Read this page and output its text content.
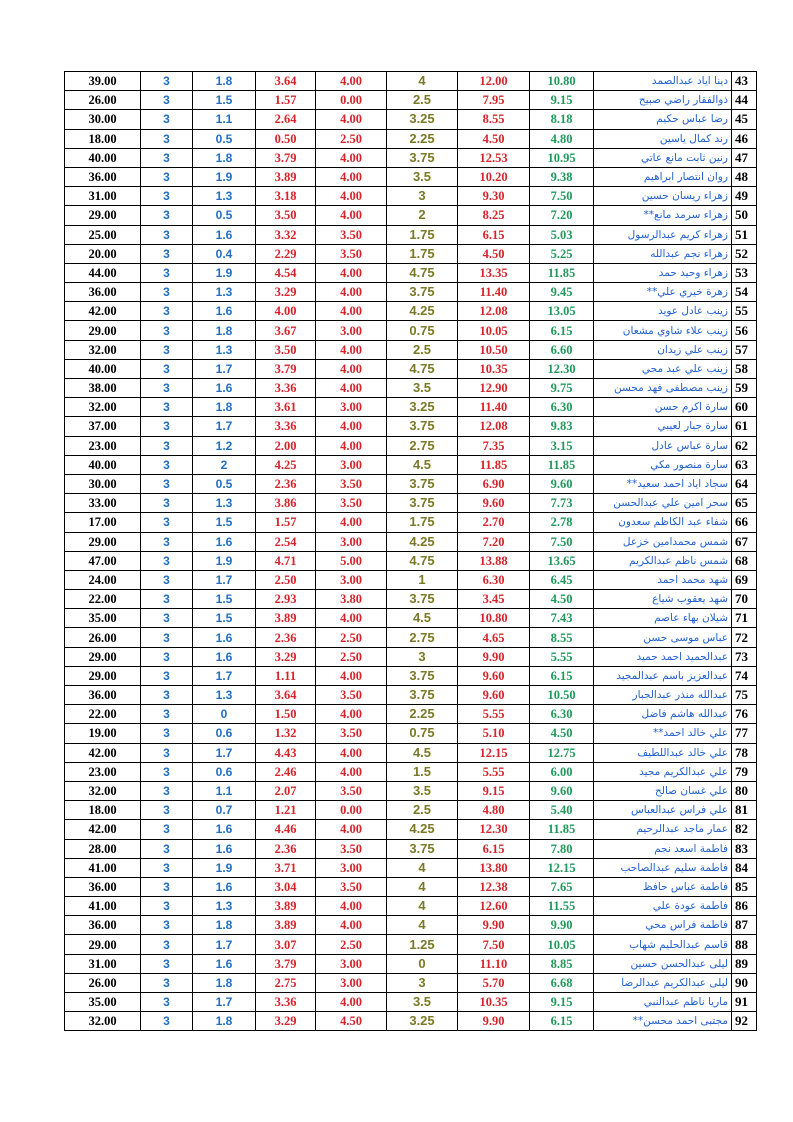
39.00	3	1.8	3.64	4.00	4	12.00	10.80	دينا اياد عبدالصمد	43
26.00	3	1.5	1.57	0.00	2.5	7.95	9.15	ذوالفقار راضي صبيح	44
30.00	3	1.1	2.64	4.00	3.25	8.55	8.18	رضا عباس حكيم	45
18.00	3	0.5	0.50	2.50	2.25	4.50	4.80	رند كمال ياسين	46
40.00	3	1.8	3.79	4.00	3.75	12.53	10.95	رنين ثابت مانع عاتي	47
36.00	3	1.9	3.89	4.00	3.5	10.20	9.38	روان انتصار ابراهيم	48
31.00	3	1.3	3.18	4.00	3	9.30	7.50	زهراء ريسان حسين	49
29.00	3	0.5	3.50	4.00	2	8.25	7.20	زهراء سرمد مانع**	50
25.00	3	1.6	3.32	3.50	1.75	6.15	5.03	زهراء كريم عبدالرسول	51
20.00	3	0.4	2.29	3.50	1.75	4.50	5.25	زهراء نجم عبدالله	52
44.00	3	1.9	4.54	4.00	4.75	13.35	11.85	زهراء وحيد حمد	53
36.00	3	1.3	3.29	4.00	3.75	11.40	9.45	زهرة خيري علي**	54
42.00	3	1.6	4.00	4.00	4.25	12.08	13.05	زينب عادل عويد	55
29.00	3	1.8	3.67	3.00	0.75	10.05	6.15	زينب علاء شاوي مشعان	56
32.00	3	1.3	3.50	4.00	2.5	10.50	6.60	زينب علي زيدان	57
40.00	3	1.7	3.79	4.00	4.75	10.35	12.30	زينب علي عبد محي	58
38.00	3	1.6	3.36	4.00	3.5	12.90	9.75	زينب مصطفى فهد محسن	59
32.00	3	1.8	3.61	3.00	3.25	11.40	6.30	سارة اكرم حسن	60
37.00	3	1.7	3.36	4.00	3.75	12.08	9.83	سارة جبار لعيبي	61
23.00	3	1.2	2.00	4.00	2.75	7.35	3.15	سارة عباس عادل	62
40.00	3	2	4.25	3.00	4.5	11.85	11.85	سارة منصور مكي	63
30.00	3	0.5	2.36	3.50	3.75	6.90	9.60	سجاد اياد احمد سعيد**	64
33.00	3	1.3	3.86	3.50	3.75	9.60	7.73	سحر امين علي عبدالحسن	65
17.00	3	1.5	1.57	4.00	1.75	2.70	2.78	شفاء عبد الكاظم سعدون	66
29.00	3	1.6	2.54	3.00	4.25	7.20	7.50	شمس محمدامين خزعل	67
47.00	3	1.9	4.71	5.00	4.75	13.88	13.65	شمس ناظم عبدالكريم	68
24.00	3	1.7	2.50	3.00	1	6.30	6.45	شهد محمد احمد	69
22.00	3	1.5	2.93	3.80	3.75	3.45	4.50	شهد يعقوب شياع	70
35.00	3	1.5	3.89	4.00	4.5	10.80	7.43	شيلان بهاء عاصم	71
26.00	3	1.6	2.36	2.50	2.75	4.65	8.55	عباس موسى حسن	72
29.00	3	1.6	3.29	2.50	3	9.90	5.55	عبدالحميد احمد حميد	73
29.00	3	1.7	1.11	4.00	3.75	9.60	6.15	عبدالعزيز باسم عبدالمجيد	74
36.00	3	1.3	3.64	3.50	3.75	9.60	10.50	عبدالله منذر عبدالجبار	75
22.00	3	0	1.50	4.00	2.25	5.55	6.30	عبدالله هاشم فاضل	76
19.00	3	0.6	1.32	3.50	0.75	5.10	4.50	علي خالد احمد**	77
42.00	3	1.7	4.43	4.00	4.5	12.15	12.75	علي خالد عبداللطيف	78
23.00	3	0.6	2.46	4.00	1.5	5.55	6.00	علي عبدالكريم مجيد	79
32.00	3	1.1	2.07	3.50	3.5	9.15	9.60	علي غسان صالح	80
18.00	3	0.7	1.21	0.00	2.5	4.80	5.40	علي فراس عبدالعباس	81
42.00	3	1.6	4.46	4.00	4.25	12.30	11.85	عمار ماجد عبدالرحيم	82
28.00	3	1.6	2.36	3.50	3.75	6.15	7.80	فاطمة اسعد نجم	83
41.00	3	1.9	3.71	3.00	4	13.80	12.15	فاطمة سليم عبدالصاحب	84
36.00	3	1.6	3.04	3.50	4	12.38	7.65	فاطمة عباس حافظ	85
41.00	3	1.3	3.89	4.00	4	12.60	11.55	فاطمة عودة علي	86
36.00	3	1.8	3.89	4.00	4	9.90	9.90	فاطمة فراس محي	87
29.00	3	1.7	3.07	2.50	1.25	7.50	10.05	قاسم عبدالحليم شهاب	88
31.00	3	1.6	3.79	3.00	0	11.10	8.85	ليلى عبدالحسن حسين	89
26.00	3	1.8	2.75	3.00	3	5.70	6.68	ليلى عبدالكريم عبدالرضا	90
35.00	3	1.7	3.36	4.00	3.5	10.35	9.15	ماريا ناظم عبدالنبي	91
32.00	3	1.8	3.29	4.50	3.25	9.90	6.15	مجتبى احمد محسن**	92
